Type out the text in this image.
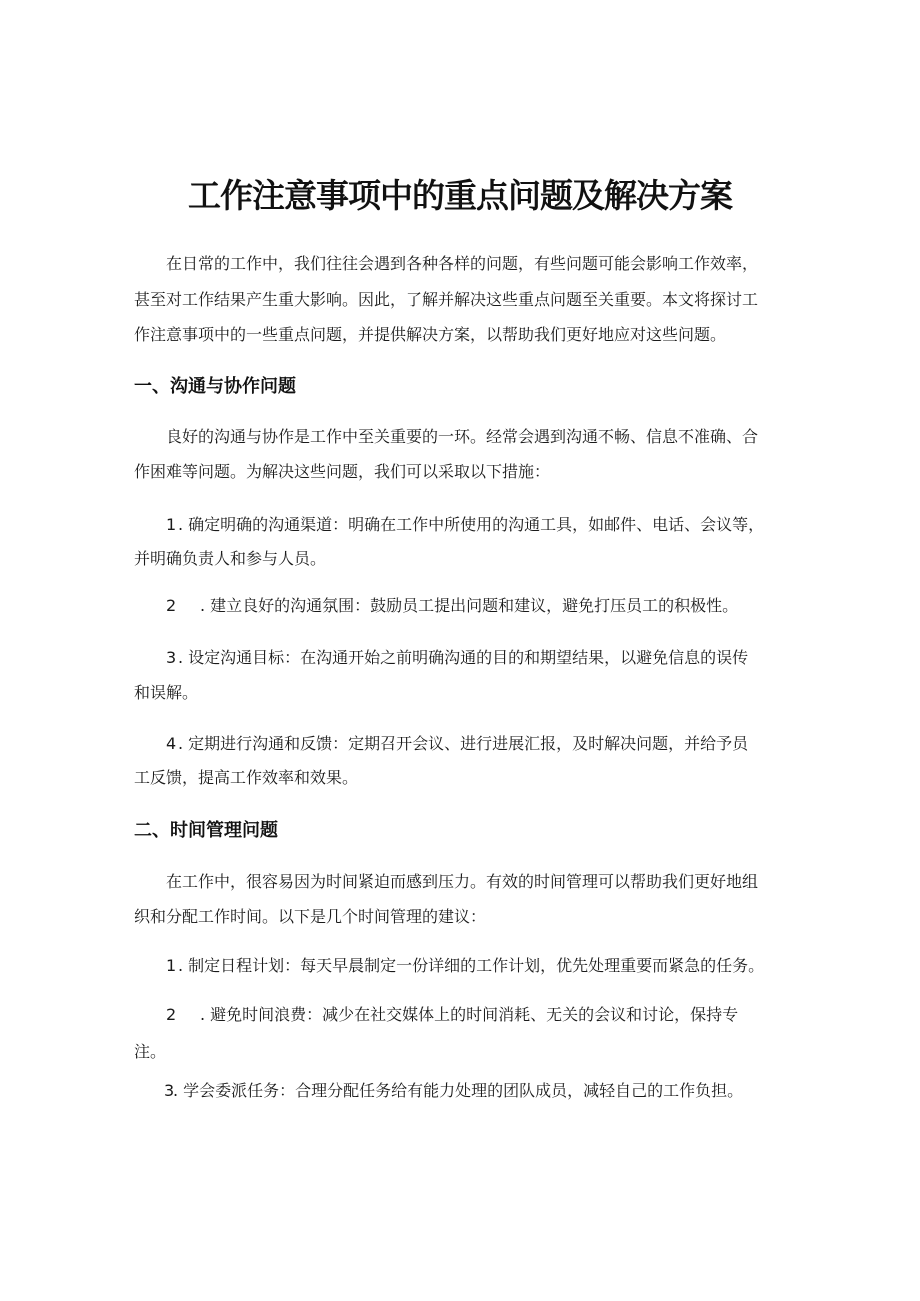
工作注意事项中的重点问题及解决方案

在日常的工作中，我们往往会遇到各种各样的问题，有些问题可能会影响工作效率，

甚至对工作结果产生重大影响。因此，了解并解决这些重点问题至关重要。本文将探讨工

作注意事项中的一些重点问题，并提供解决方案，以帮助我们更好地应对这些问题。

一、沟通与协作问题

良好的沟通与协作是工作中至关重要的一环。经常会遇到沟通不畅、信息不准确、合

作困难等问题。为解决这些问题，我们可以采取以下措施：

1 . 确定明确的沟通渠道：明确在工作中所使用的沟通工具，如邮件、电话、会议等，
并明确负责人和参与人员。
2 . 建立良好的沟通氛围：鼓励员工提出问题和建议，避免打压员工的积极性。
3 . 设定沟通目标：在沟通开始之前明确沟通的目的和期望结果，以避免信息的误传
和误解。
4 . 定期进行沟通和反馈：定期召开会议、进行进展汇报，及时解决问题，并给予员
工反馈，提高工作效率和效果。
二、时间管理问题

在工作中，很容易因为时间紧迫而感到压力。有效的时间管理可以帮助我们更好地组

织和分配工作时间。以下是几个时间管理的建议：

1 . 制定日程计划：每天早晨制定一份详细的工作计划，优先处理重要而紧急的任务。
2 . 避免时间浪费：减少在社交媒体上的时间消耗、无关的会议和讨论，保持专
注。
3
. 学会委派任务：合理分配任务给有能力处理的团队成员，减轻自己的工作负担。
